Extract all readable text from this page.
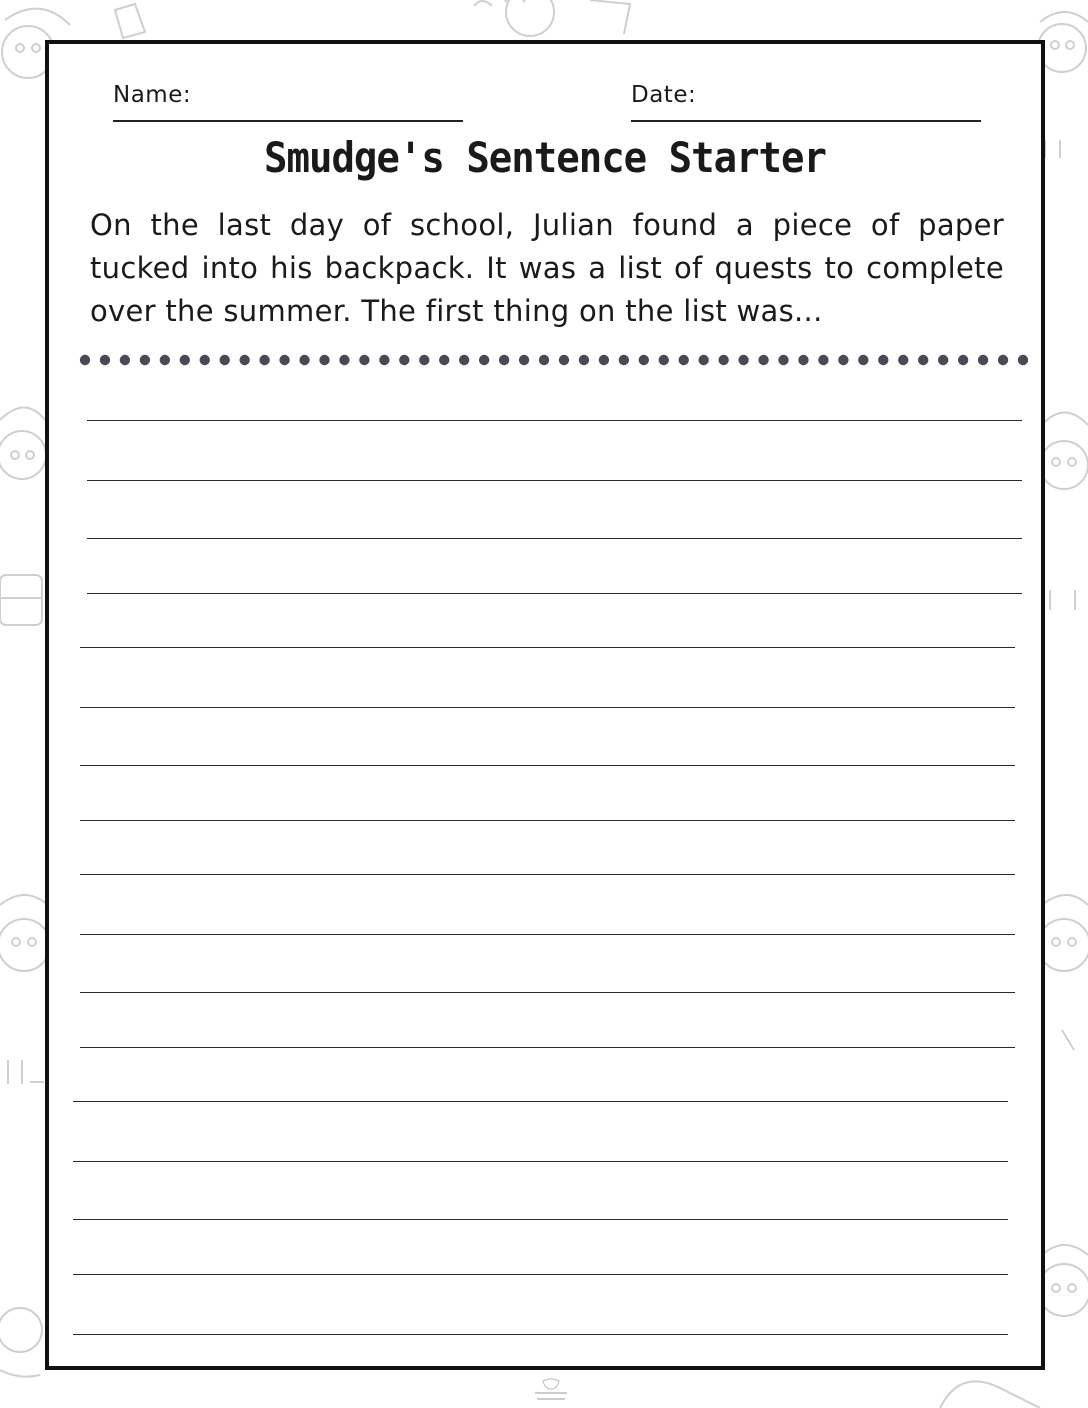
Name:	Date:
Smudge's Sentence Starter
On the last day of school, Julian found a piece of paper tucked into his backpack. It was a list of quests to complete over the summer. The first thing on the list was...
